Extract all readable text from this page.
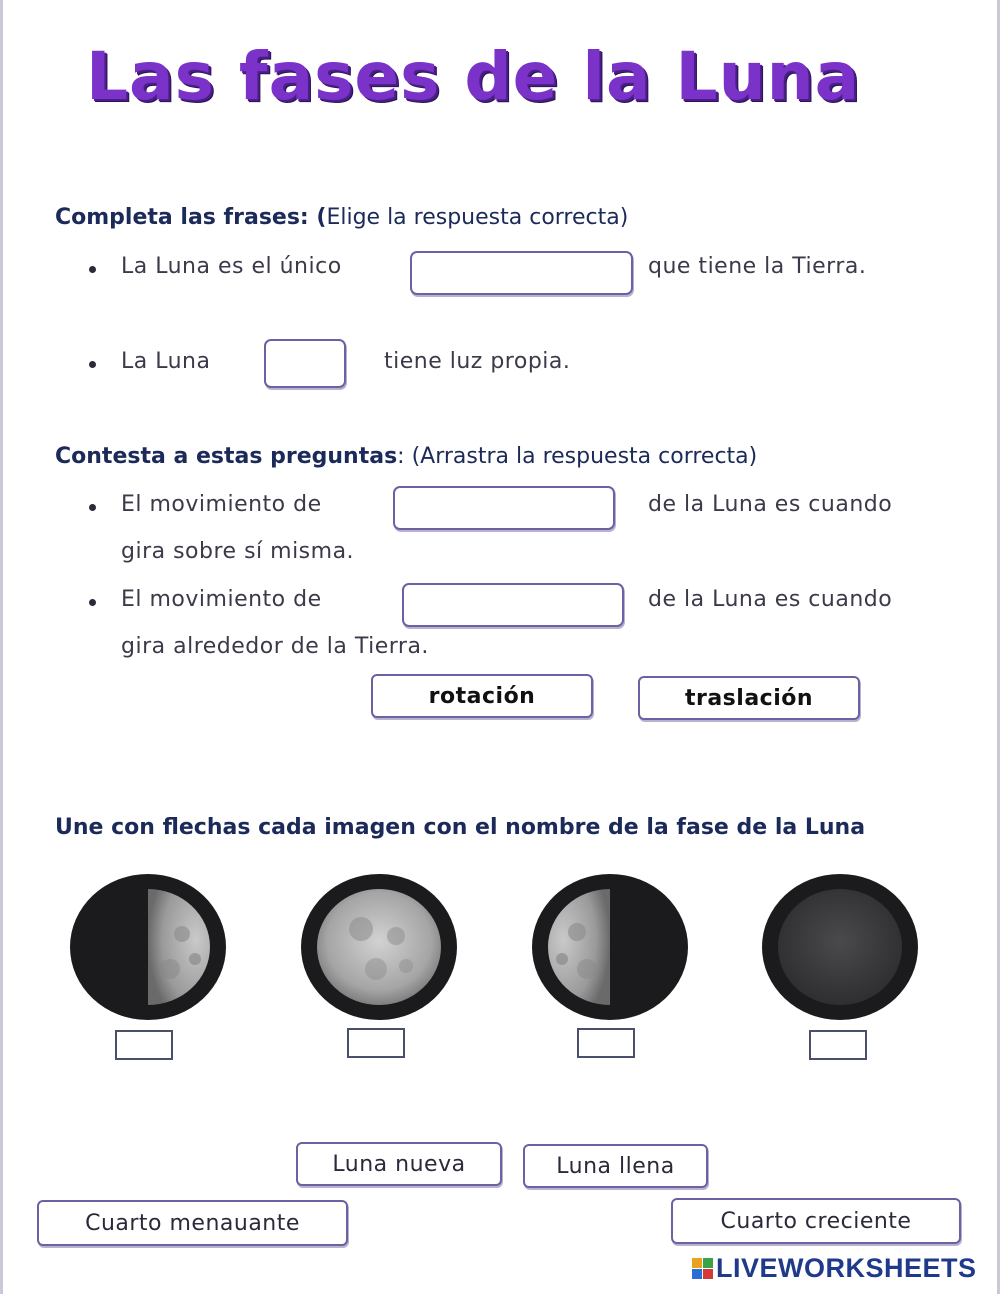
Las fases de la Luna
Completa las frases: (Elige la respuesta correcta)
La Luna es el único	que tiene la Tierra.
La Luna	tiene luz propia.
Contesta a estas preguntas: (Arrastra la respuesta correcta)
El movimiento de	de la Luna es cuando
gira sobre sí misma.
El movimiento de	de la Luna es cuando
gira alrededor de la Tierra.
rotación	traslación
Une con flechas cada imagen con el nombre de la fase de la Luna
Luna nueva	Luna llena
Cuarto menauante	Cuarto creciente
LIVEWORKSHEETS
